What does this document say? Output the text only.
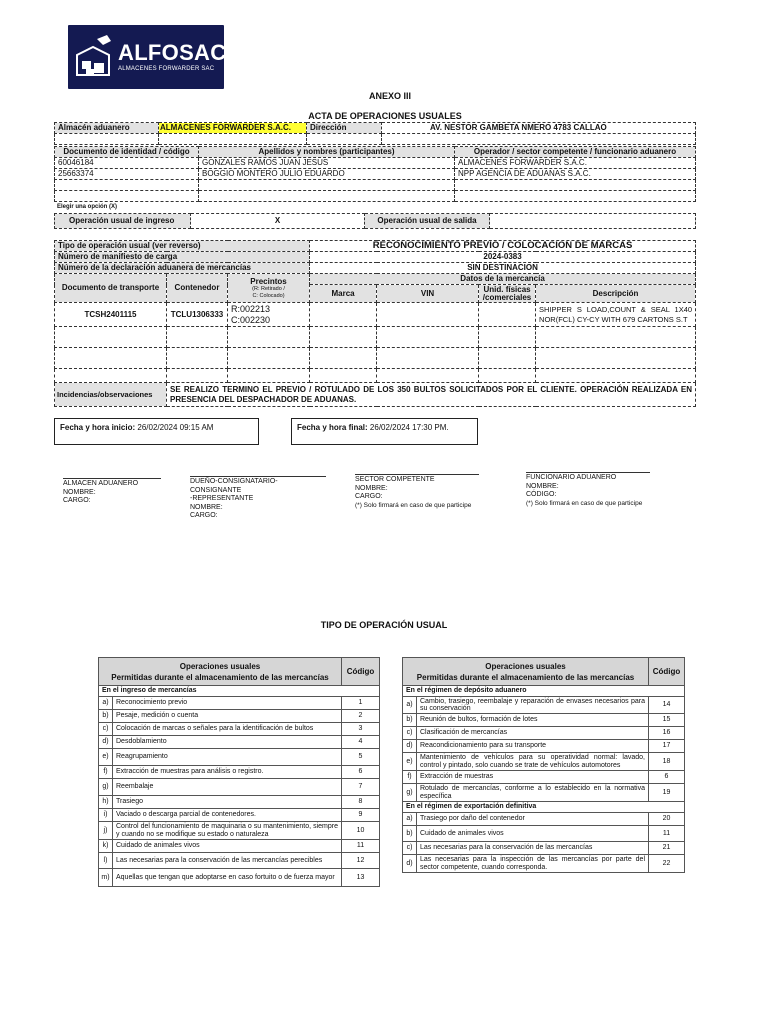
ALFOSAC
ALMACENES FORWARDER SAC
ANEXO III
ACTA DE OPERACIONES USUALES
Almacén aduanero	ALMACENES FORWARDER S.A.C.	Dirección	AV. NESTOR GAMBETA NMERO 4783 CALLAO

Documento de identidad / código	Apellidos y nombres (participantes)	Operador / sector competente / funcionario aduanero
60046184	GONZALES RAMOS JUAN JESUS	ALMACENES FORWARDER S.A.C.
25663374	BOGGIO MONTERO JULIO EDUARDO	NPP AGENCIA DE ADUANAS S.A.C.

Elegir una opción (X)
Operación usual de ingreso	X	Operación usual de salida	
Tipo de operación usual (ver reverso)			RECONOCIMIENTO PREVIO / COLOCACION DE MARCAS			
Número de manifiesto de carga			2024-0383			
Número de la declaración aduanera de mercancías			SIN DESTINACION			
Documento de transporte	Contenedor	Precintos
(R: Retirado /
C: Colocado)	Datos de la mercancía			
			Marca	VIN	Unid. físicas /comerciales	Descripción
TCSH2401115	TCLU1306333	R:002213
C:002230				SHIPPER S LOAD,COUNT & SEAL 1X40 NOR(FCL) CY-CY WITH 679 CARTONS S.T

Incidencias/observaciones	SE REALIZO TERMINO EL PREVIO / ROTULADO DE LOS 350 BULTOS SOLICITADOS POR EL CLIENTE. OPERACIÓN REALIZADA EN PRESENCIA DEL DESPACHADOR DE ADUANAS.					
Fecha y hora inicio: 26/02/2024 09:15 AM	Fecha y hora final: 26/02/2024 17:30 PM.
ALMACEN ADUANERO
NOMBRE:
CARGO:
DUEÑO-CONSIGNATARIO-CONSIGNANTE
-REPRESENTANTE
NOMBRE:
CARGO:
SECTOR COMPETENTE
NOMBRE:
CARGO:
(*) Solo firmará en caso de que participe
FUNCIONARIO ADUANERO
NOMBRE:
CÓDIGO:
(*) Solo firmará en caso de que participe
TIPO DE OPERACIÓN USUAL
Operaciones usuales
Permitidas durante el almacenamiento de las mercancías		Código
En el ingreso de mercancías		
a)	Reconocimiento previo	1
b)	Pesaje, medición o cuenta	2
c)	Colocación de marcas o señales para la identificación de bultos	3
d)	Desdoblamiento	4
e)	Reagrupamiento	5
f)	Extracción de muestras para análisis o registro.	6
g)	Reembalaje	7
h)	Trasiego	8
i)	Vaciado o descarga parcial de contenedores.	9
j)	Control del funcionamiento de maquinaria o su mantenimiento, siempre y cuando no se modifique su estado o naturaleza	10
k)	Cuidado de animales vivos	11
l)	Las necesarias para la conservación de las mercancías perecibles	12
m)	Aquellas que tengan que adoptarse en caso fortuito o de fuerza mayor	13
Operaciones usuales
Permitidas durante el almacenamiento de las mercancías		Código
En el régimen de depósito aduanero		
a)	Cambio, trasiego, reembalaje y reparación de envases necesarios para su conservación	14
b)	Reunión de bultos, formación de lotes	15
c)	Clasificación de mercancías	16
d)	Reacondicionamiento para su transporte	17
e)	Mantenimiento de vehículos para su operatividad normal: lavado, control y pintado, solo cuando se trate de vehículos automotores	18
f)	Extracción de muestras	6
g)	Rotulado de mercancías, conforme a lo establecido en la normativa específica	19
En el régimen de exportación definitiva		
a)	Trasiego por daño del contenedor	20
b)	Cuidado de animales vivos	11
c)	Las necesarias para la conservación de las mercancías	21
d)	Las necesarias para la inspección de las mercancías por parte del sector competente, cuando corresponda.	22
